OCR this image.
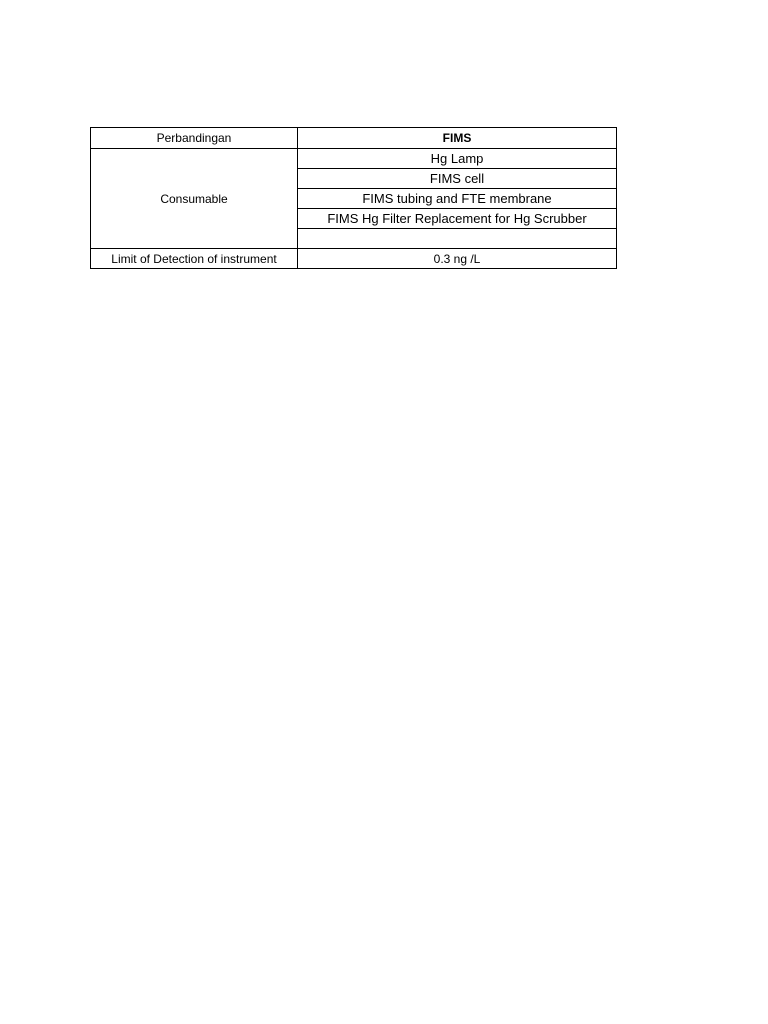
Perbandingan	FIMS
Consumable	Hg Lamp
	FIMS cell
	FIMS tubing and FTE membrane
	FIMS Hg Filter Replacement for Hg Scrubber

Limit of Detection of instrument	0.3 ng /L
